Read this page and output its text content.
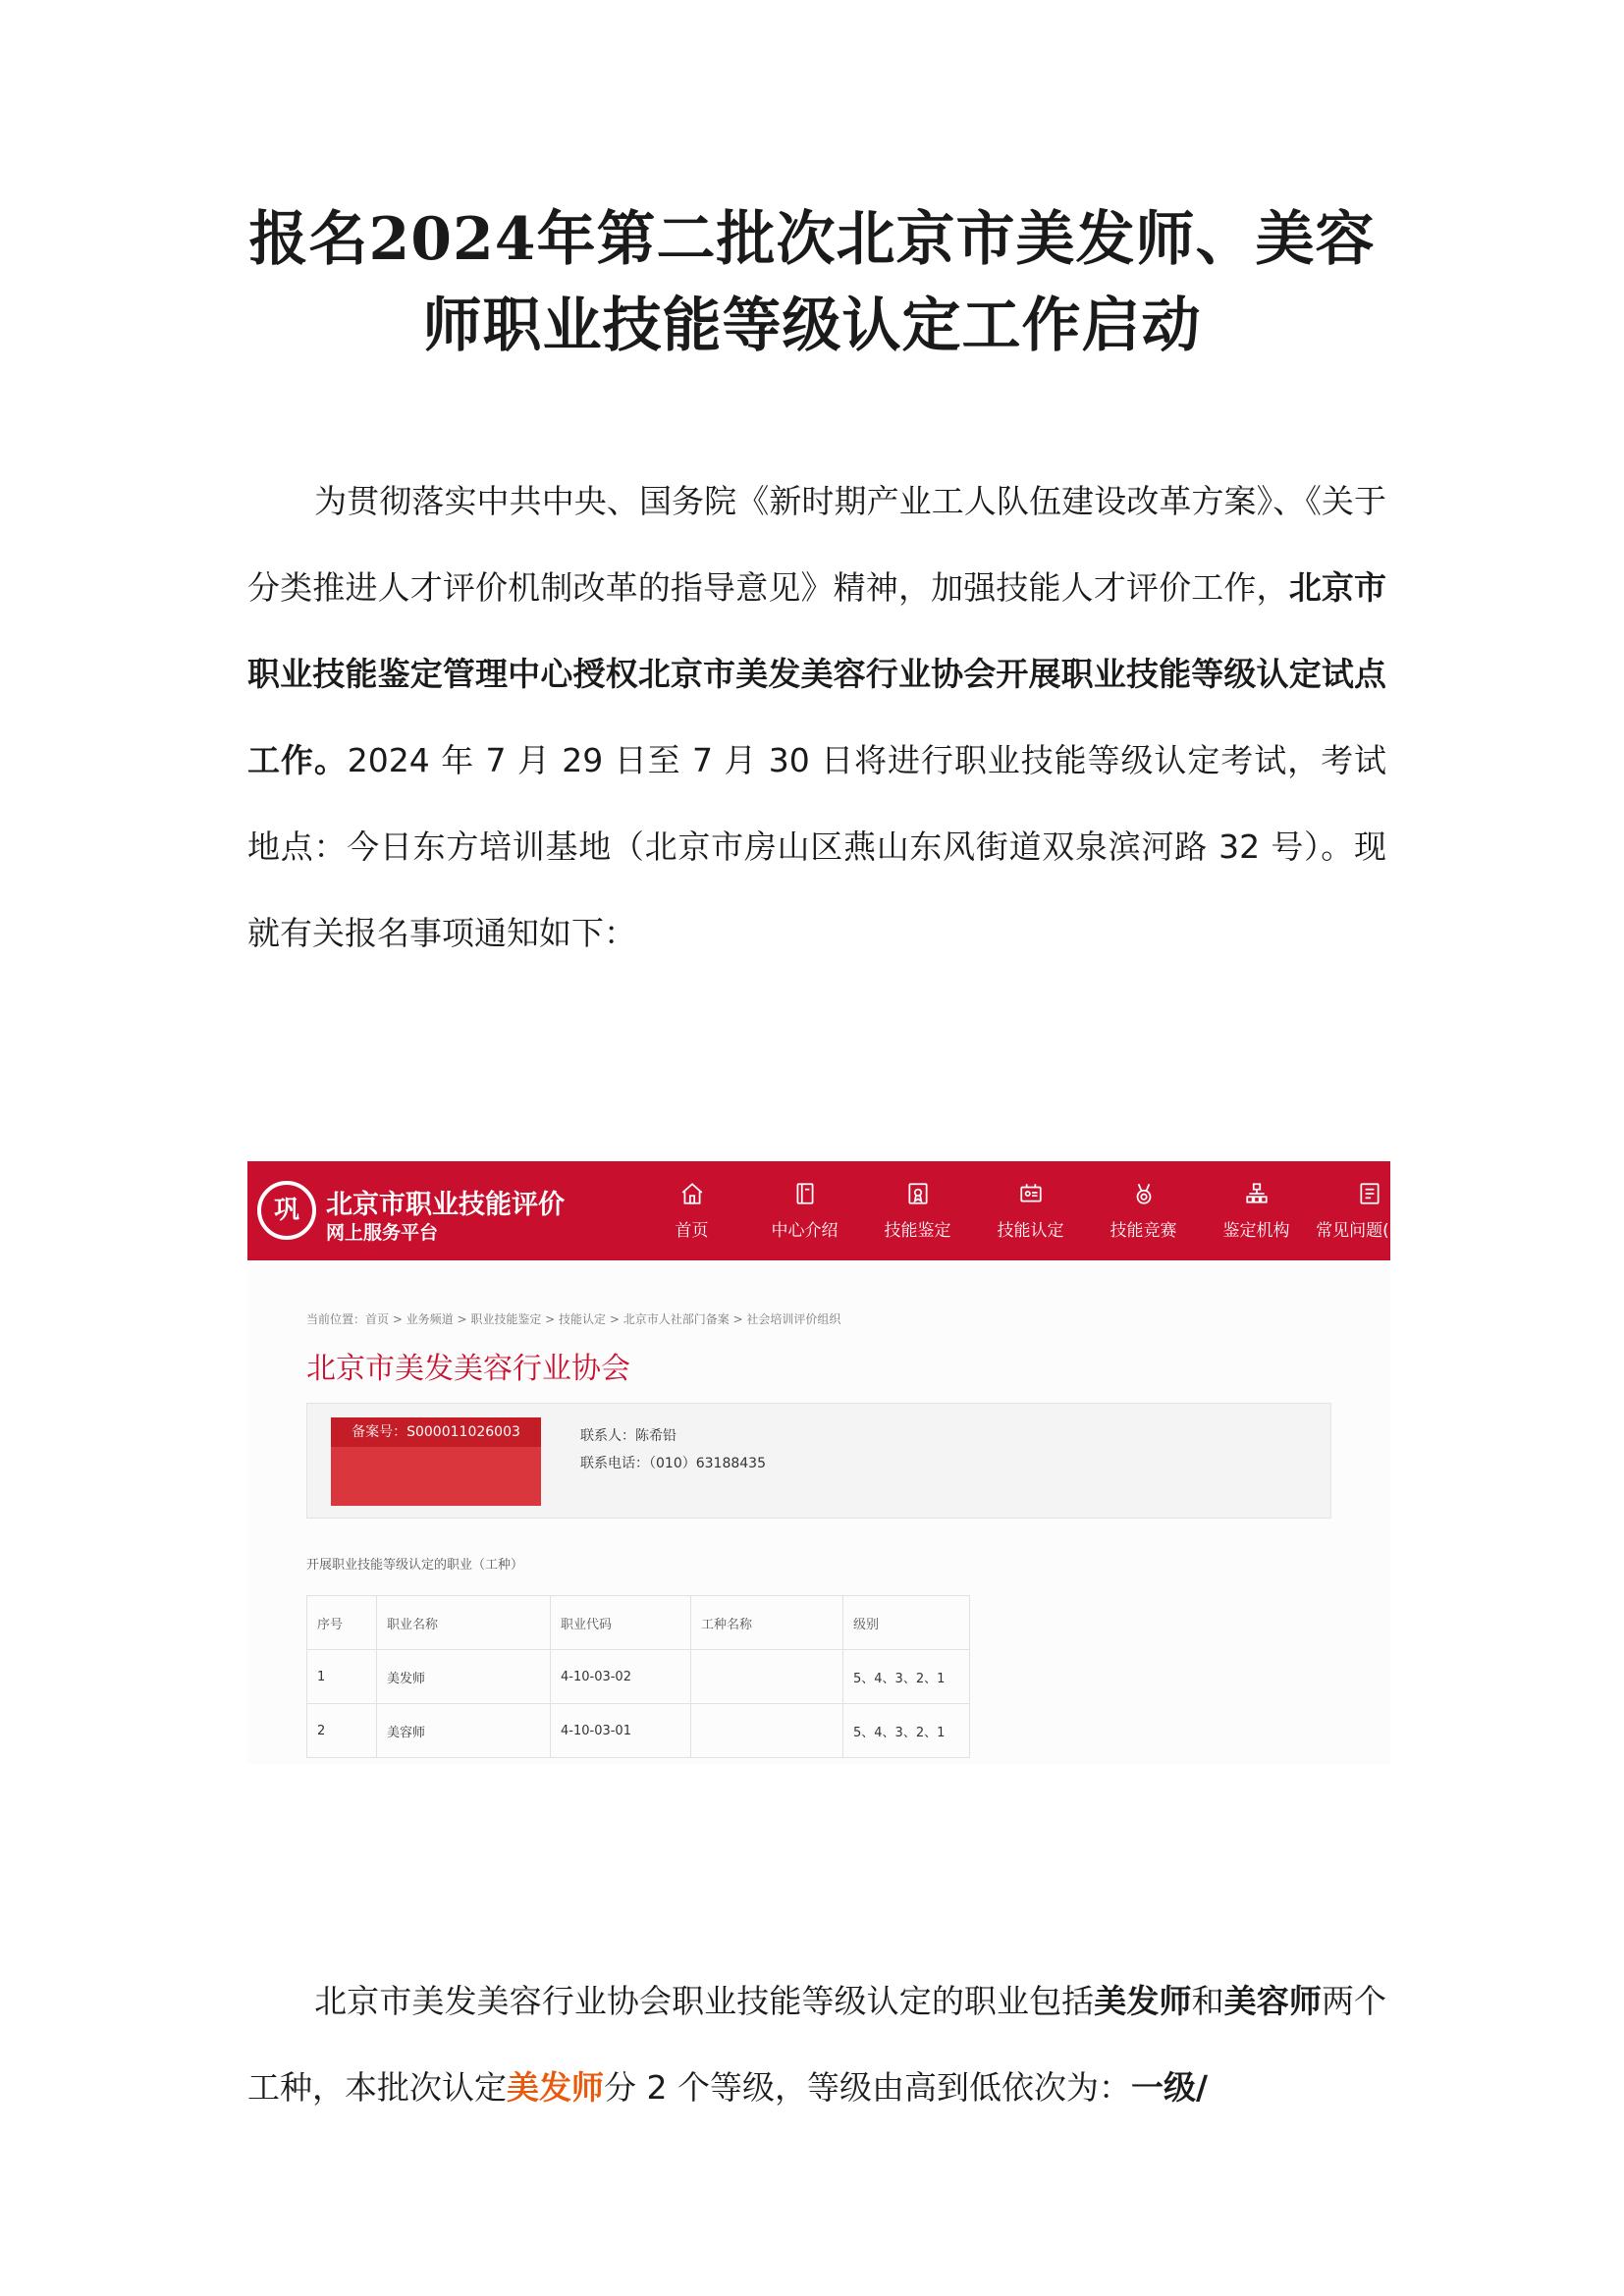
报名2024年第二批次北京市美发师、美容
师职业技能等级认定工作启动

为贯彻落实中共中央、国务院《新时期产业工人队伍建设改革方案》、《关于分类推进人才评价机制改革的指导意见》精神，加强技能人才评价工作，北京市职业技能鉴定管理中心授权北京市美发美容行业协会开展职业技能等级认定试点工作。2024 年 7 月 29 日至 7 月 30 日将进行职业技能等级认定考试，考试地点：今日东方培训基地（北京市房山区燕山东风街道双泉滨河路 32 号）。现就有关报名事项通知如下：

巩	北京市职业技能评价
网上服务平台	首页	中心介绍	技能鉴定	技能认定	技能竞赛	鉴定机构 常见问题(已归
当前位置：首页 > 业务频道 > 职业技能鉴定 > 技能认定 > 北京市人社部门备案 > 社会培训评价组织
北京市美发美容行业协会
备案号：S000011026003	联系人：陈希铅
联系电话：（010）63188435
开展职业技能等级认定的职业（工种）
序号	职业名称	职业代码	工种名称	级别
1	美发师	4-10-03-02		5、4、3、2、1
2	美容师	4-10-03-01		5、4、3、2、1

北京市美发美容行业协会职业技能等级认定的职业包括美发师和美容师两个工种，本批次认定美发师分 2 个等级，等级由高到低依次为：一级/
